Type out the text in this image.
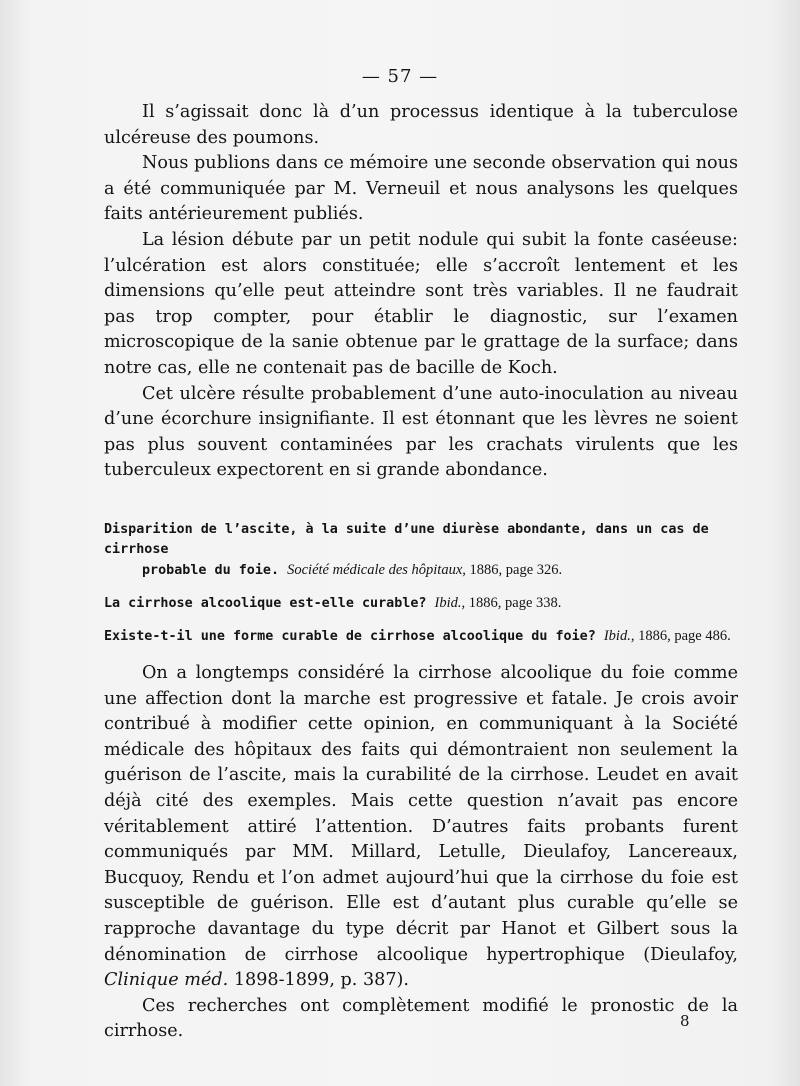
— 57 —

Il s’agissait donc là d’un processus identique à la tuberculose ulcéreuse des poumons.

Nous publions dans ce mémoire une seconde observation qui nous a été communiquée par M. Verneuil et nous analysons les quelques faits antérieurement publiés.

La lésion débute par un petit nodule qui subit la fonte caséeuse: l’ulcération est alors constituée; elle s’accroît lentement et les dimensions qu’elle peut atteindre sont très variables. Il ne faudrait pas trop compter, pour établir le diagnostic, sur l’examen microscopique de la sanie obtenue par le grattage de la surface; dans notre cas, elle ne contenait pas de bacille de Koch.

Cet ulcère résulte probablement d’une auto-inoculation au niveau d’une écorchure insignifiante. Il est étonnant que les lèvres ne soient pas plus souvent contaminées par les crachats virulents que les tuberculeux expectorent en si grande abondance.

Disparition de l’ascite, à la suite d’une diurèse abondante, dans un cas de cirrhose
probable du foie. Société médicale des hôpitaux, 1886, page 326.
La cirrhose alcoolique est-elle curable? Ibid., 1886, page 338.
Existe-t-il une forme curable de cirrhose alcoolique du foie? Ibid., 1886, page 486.

On a longtemps considéré la cirrhose alcoolique du foie comme une affection dont la marche est progressive et fatale. Je crois avoir contribué à modifier cette opinion, en communiquant à la Société médicale des hôpitaux des faits qui démontraient non seulement la guérison de l’ascite, mais la curabilité de la cirrhose. Leudet en avait déjà cité des exemples. Mais cette question n’avait pas encore véritablement attiré l’attention. D’autres faits probants furent communiqués par MM. Millard, Letulle, Dieulafoy, Lancereaux, Bucquoy, Rendu et l’on admet aujourd’hui que la cirrhose du foie est susceptible de guérison. Elle est d’autant plus curable qu’elle se rapproche davantage du type décrit par Hanot et Gilbert sous la dénomination de cirrhose alcoolique hypertrophique (Dieulafoy, Clinique méd. 1898-1899, p. 387).

Ces recherches ont complètement modifié le pronostic de la cirrhose.

8
